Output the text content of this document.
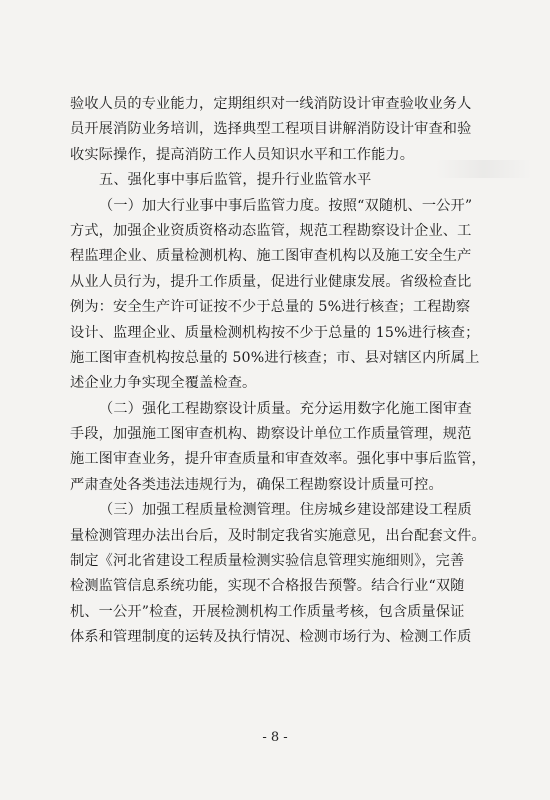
验收人员的专业能力，定期组织对一线消防设计审查验收业务人
员开展消防业务培训，选择典型工程项目讲解消防设计审查和验
收实际操作，提高消防工作人员知识水平和工作能力。
五、强化事中事后监管，提升行业监管水平
（一）加大行业事中事后监管力度。按照“双随机、一公开”
方式，加强企业资质资格动态监管，规范工程勘察设计企业、工
程监理企业、质量检测机构、施工图审查机构以及施工安全生产
从业人员行为，提升工作质量，促进行业健康发展。省级检查比
例为：安全生产许可证按不少于总量的 5%进行核查；工程勘察
设计、监理企业、质量检测机构按不少于总量的 15%进行核查；
施工图审查机构按总量的 50%进行核查；市、县对辖区内所属上
述企业力争实现全覆盖检查。
（二）强化工程勘察设计质量。充分运用数字化施工图审查
手段，加强施工图审查机构、勘察设计单位工作质量管理，规范
施工图审查业务，提升审查质量和审查效率。强化事中事后监管，
严肃查处各类违法违规行为，确保工程勘察设计质量可控。
（三）加强工程质量检测管理。住房城乡建设部建设工程质
量检测管理办法出台后，及时制定我省实施意见，出台配套文件。
制定《河北省建设工程质量检测实验信息管理实施细则》，完善
检测监管信息系统功能，实现不合格报告预警。结合行业“双随
机、一公开”检查，开展检测机构工作质量考核，包含质量保证
体系和管理制度的运转及执行情况、检测市场行为、检测工作质
- 8 -
